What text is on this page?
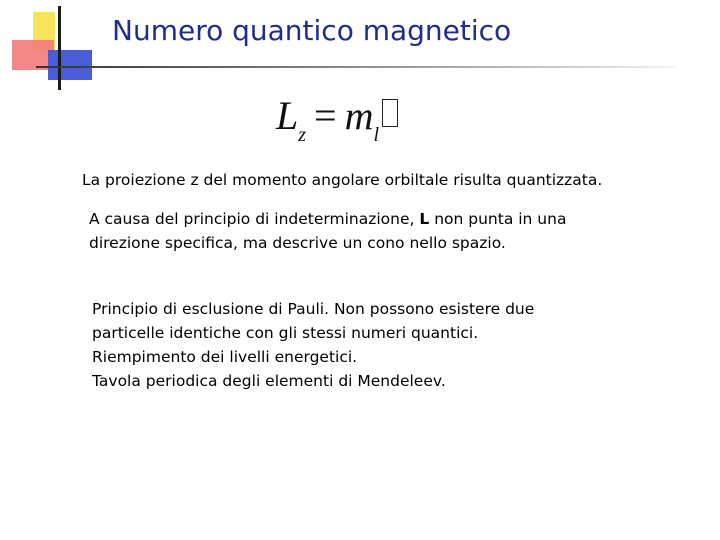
Numero quantico magnetico
$L_z = m_l$
La proiezione z del momento angolare orbiltale risulta quantizzata.
A causa del principio di indeterminazione, L non punta in una
direzione specifica, ma descrive un cono nello spazio.
Principio di esclusione di Pauli. Non possono esistere due
particelle identiche con gli stessi numeri quantici.
Riempimento dei livelli energetici.
Tavola periodica degli elementi di Mendeleev.
